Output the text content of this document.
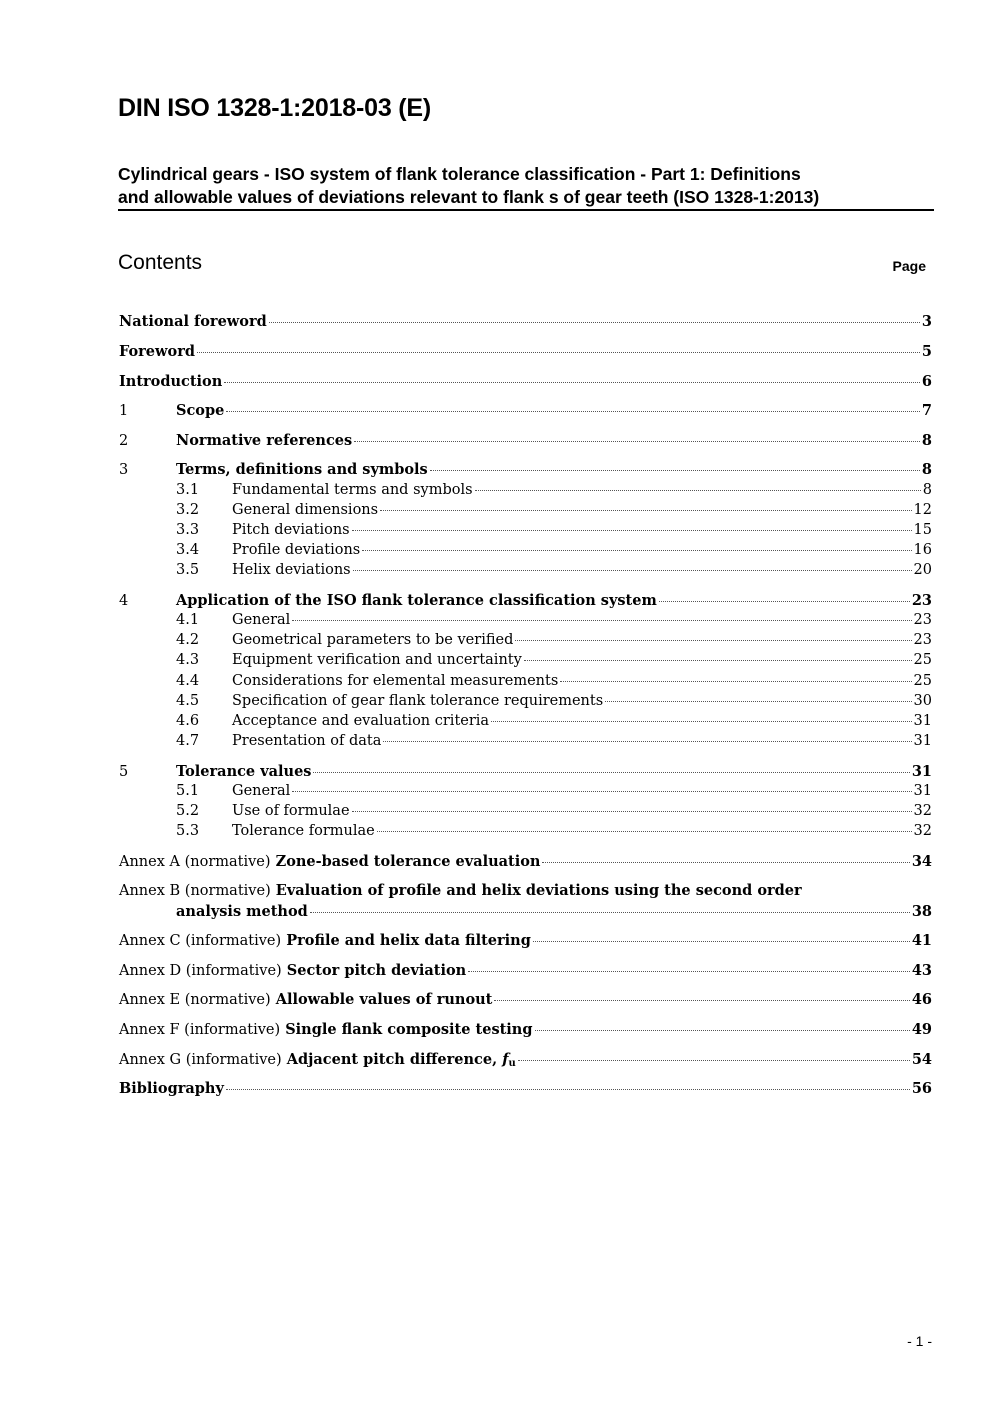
DIN ISO 1328-1:2018-03 (E)
Cylindrical gears - ISO system of flank tolerance classification - Part 1: Definitions
and allowable values of deviations relevant to flank s of gear teeth (ISO 1328-1:2013)
Contents	Page
National foreword	3
Foreword	5
Introduction	6
1	Scope	7
2	Normative references	8
3	Terms, definitions and symbols	8
3.1	Fundamental terms and symbols	8
3.2	General dimensions	12
3.3	Pitch deviations	15
3.4	Profile deviations	16
3.5	Helix deviations	20
4	Application of the ISO flank tolerance classification system	23
4.1	General	23
4.2	Geometrical parameters to be verified	23
4.3	Equipment verification and uncertainty	25
4.4	Considerations for elemental measurements	25
4.5	Specification of gear flank tolerance requirements	30
4.6	Acceptance and evaluation criteria	31
4.7	Presentation of data	31
5	Tolerance values	31
5.1	General	31
5.2	Use of formulae	32
5.3	Tolerance formulae	32
Annex A (normative) Zone-based tolerance evaluation	34
Annex B (normative) Evaluation of profile and helix deviations using the second order
analysis method	38
Annex C (informative) Profile and helix data filtering	41
Annex D (informative) Sector pitch deviation	43
Annex E (normative) Allowable values of runout	46
Annex F (informative) Single flank composite testing	49
Annex G (informative) Adjacent pitch difference, fu	54
Bibliography	56
- 1 -
